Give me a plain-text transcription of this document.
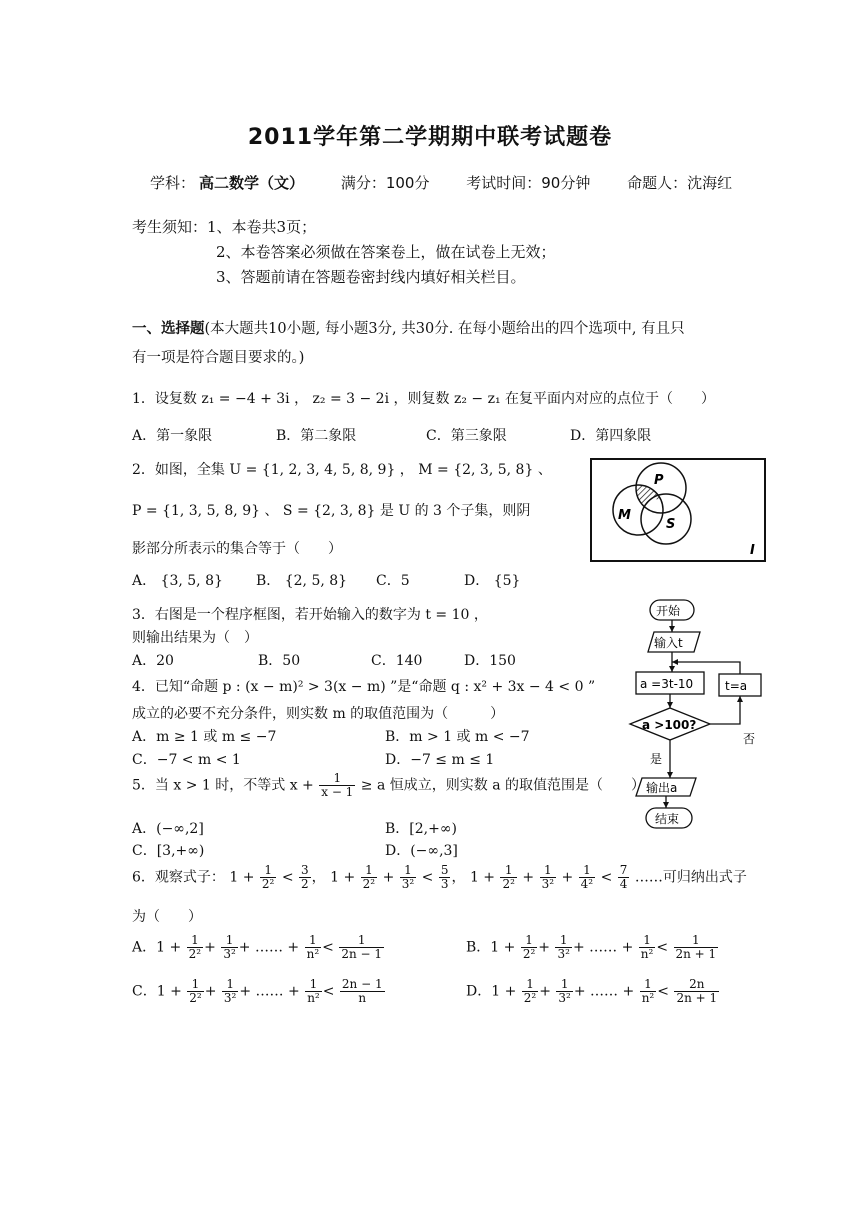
2011学年第二学期期中联考试题卷
学科： 高二数学（文） 满分：100分 考试时间：90分钟 命题人：沈海红
考生须知：1、本卷共3页；
2、本卷答案必须做在答案卷上，做在试卷上无效；
3、答题前请在答题卷密封线内填好相关栏目。
一、选择题(本大题共10小题, 每小题3分, 共30分. 在每小题给出的四个选项中, 有且只
有一项是符合题目要求的。)
1．设复数 z₁ = −4 + 3i ， z₂ = 3 − 2i ，则复数 z₂ − z₁ 在复平面内对应的点位于（　　）
A．第一象限	B．第二象限	C．第三象限	D．第四象限
2．如图，全集 U = {1, 2, 3, 4, 5, 8, 9} ， M = {2, 3, 5, 8} 、
P = {1, 3, 5, 8, 9} 、 S = {2, 3, 8} 是 U 的 3 个子集，则阴
影部分所表示的集合等于（　　）
A． {3, 5, 8} B． {2, 5, 8} C．5	D． {5}
P
M
S
I
3．右图是一个程序框图，若开始输入的数字为 t = 10 ，
则输出结果为（　）
A．20	B．50	C．140	D．150
开始
输入t
a =3t-10
a >100?
t=a
否
是
输出a
结束
4．已知“命题 p : (x − m)² > 3(x − m) ”是“命题 q : x² + 3x − 4 < 0 ”
成立的必要不充分条件，则实数 m 的取值范围为（　　　）
A．m ≥ 1 或 m ≤ −7	B．m > 1 或 m < −7
C．−7 < m < 1	D．−7 ≤ m ≤ 1
5．当 x > 1 时，不等式 $x + \frac{1}{x - 1} \ge a$ 恒成立，则实数 a 的取值范围是（　　）
A．(−∞,2]	B．[2,+∞)
C．[3,+∞)	D．(−∞,3]
6．观察式子： $1 + \frac{1}{\text{2²}} < \frac{3}{2}$ ， $1 + \frac{1}{\text{2²}} + \frac{1}{\text{3²}} < \frac{5}{3}$ ， $1 + \frac{1}{\text{2²}} + \frac{1}{\text{3²}} + \frac{1}{\text{4²}} < \frac{7}{4}$ ……可归纳出式子
为（　　）
A．$1 + \frac{1}{\text{2²}} + \frac{1}{\text{3²}}$ + …… + $\frac{1}{\text{n²}} < \frac{1}{2n - 1}$	B．$1 + \frac{1}{\text{2²}} + \frac{1}{\text{3²}}$ + …… + $\frac{1}{\text{n²}} < \frac{1}{2n + 1}$
C．$1 + \frac{1}{\text{2²}} + \frac{1}{\text{3²}}$ + …… + $\frac{1}{\text{n²}} < \frac{2n - 1}{n}$	D．$1 + \frac{1}{\text{2²}} + \frac{1}{\text{3²}}$ + …… + $\frac{1}{\text{n²}} < \frac{2n}{2n + 1}$
